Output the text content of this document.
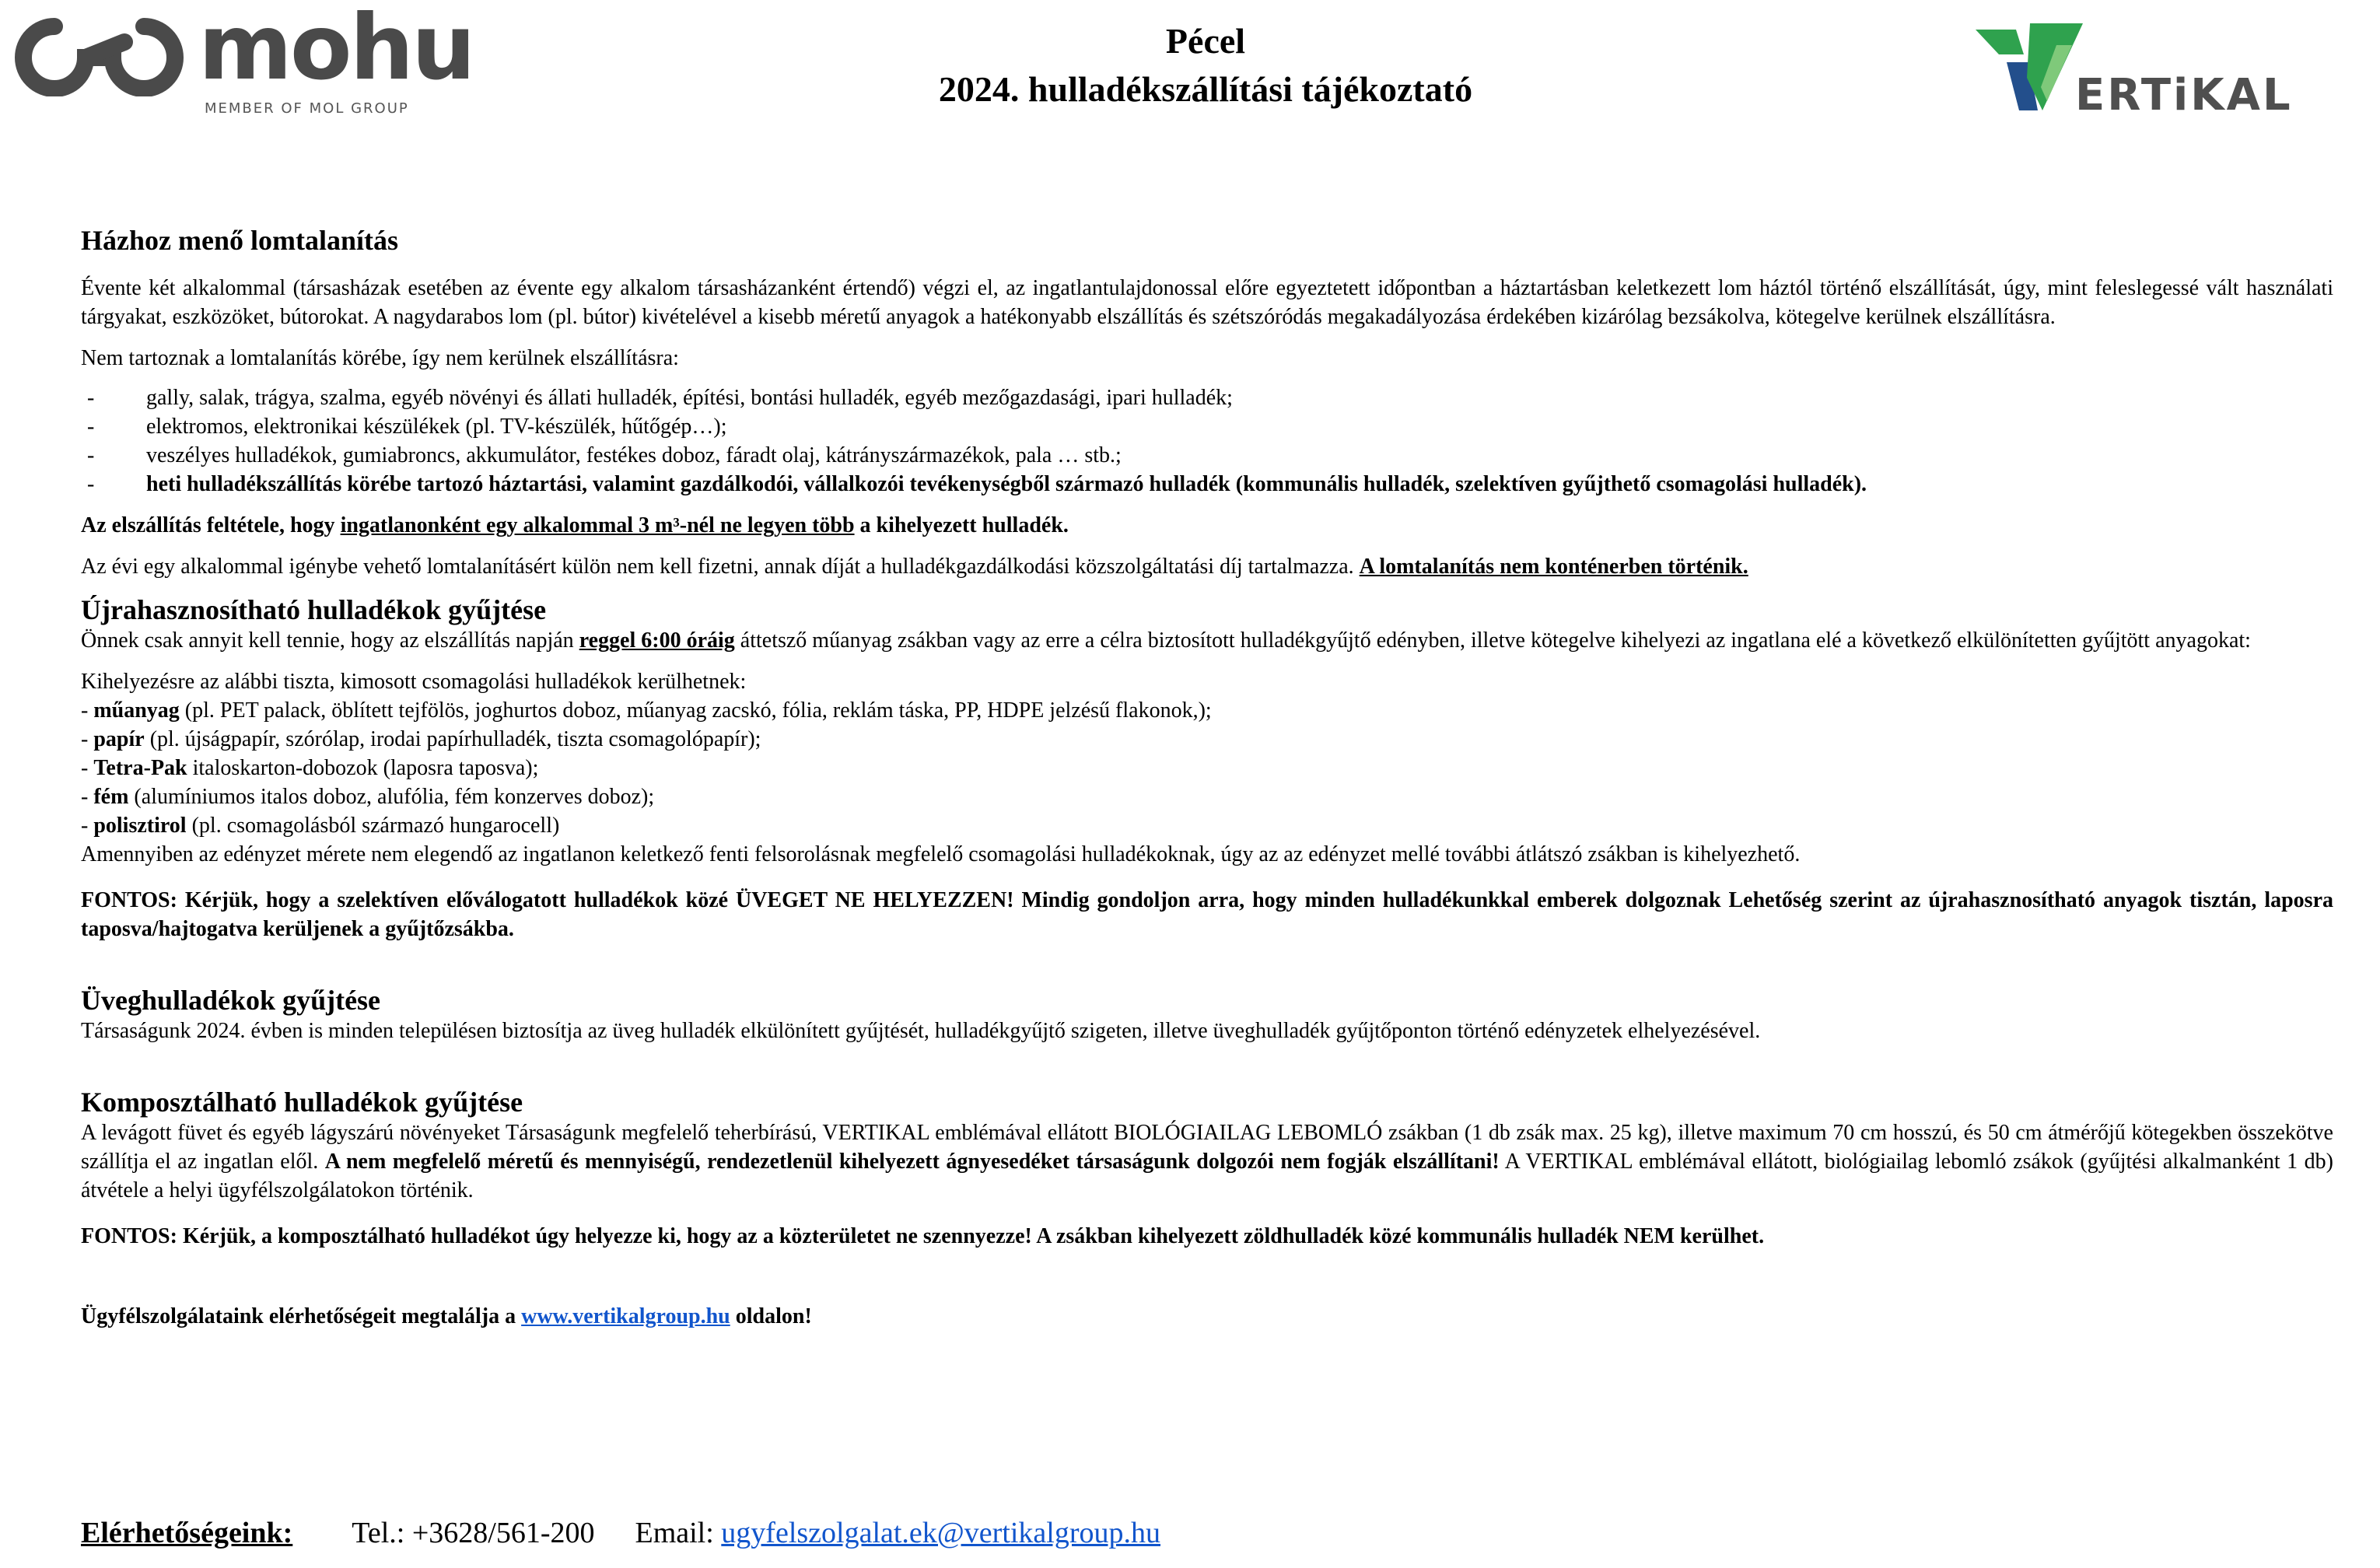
mohu
MEMBER OF MOL GROUP
Pécel
2024. hulladékszállítási tájékoztató	ERTiKAL
Házhoz menő lomtalanítás

Évente két alkalommal (társasházak esetében az évente egy alkalom társasházanként értendő) végzi el, az ingatlantulajdonossal előre egyeztetett időpontban a háztartásban keletkezett lom háztól történő elszállítását, úgy, mint feleslegessé vált használati tárgyakat, eszközöket, bútorokat. A nagydarabos lom (pl. bútor) kivételével a kisebb méretű anyagok a hatékonyabb elszállítás és szétszóródás megakadályozása érdekében kizárólag bezsákolva, kötegelve kerülnek elszállításra.

Nem tartoznak a lomtalanítás körébe, így nem kerülnek elszállításra:

- gally, salak, trágya, szalma, egyéb növényi és állati hulladék, építési, bontási hulladék, egyéb mezőgazdasági, ipari hulladék;
- elektromos, elektronikai készülékek (pl. TV-készülék, hűtőgép…);
- veszélyes hulladékok, gumiabroncs, akkumulátor, festékes doboz, fáradt olaj, kátrányszármazékok, pala … stb.;
- heti hulladékszállítás körébe tartozó háztartási, valamint gazdálkodói, vállalkozói tevékenységből származó hulladék (kommunális hulladék, szelektíven gyűjthető csomagolási hulladék).

Az elszállítás feltétele, hogy ingatlanonként egy alkalommal 3 m³-nél ne legyen több a kihelyezett hulladék.

Az évi egy alkalommal igénybe vehető lomtalanításért külön nem kell fizetni, annak díját a hulladékgazdálkodási közszolgáltatási díj tartalmazza. A lomtalanítás nem konténerben történik.

Újrahasznosítható hulladékok gyűjtése

Önnek csak annyit kell tennie, hogy az elszállítás napján reggel 6:00 óráig áttetsző műanyag zsákban vagy az erre a célra biztosított hulladékgyűjtő edényben, illetve kötegelve kihelyezi az ingatlana elé a következő elkülönítetten gyűjtött anyagokat:

Kihelyezésre az alábbi tiszta, kimosott csomagolási hulladékok kerülhetnek:
- műanyag (pl. PET palack, öblített tejfölös, joghurtos doboz, műanyag zacskó, fólia, reklám táska, PP, HDPE jelzésű flakonok,);
- papír (pl. újságpapír, szórólap, irodai papírhulladék, tiszta csomagolópapír);
- Tetra-Pak italoskarton-dobozok (laposra taposva);
- fém (alumíniumos italos doboz, alufólia, fém konzerves doboz);
- polisztirol (pl. csomagolásból származó hungarocell)
Amennyiben az edényzet mérete nem elegendő az ingatlanon keletkező fenti felsorolásnak megfelelő csomagolási hulladékoknak, úgy az az edényzet mellé további átlátszó zsákban is kihelyezhető.

FONTOS: Kérjük, hogy a szelektíven előválogatott hulladékok közé ÜVEGET NE HELYEZZEN! Mindig gondoljon arra, hogy minden hulladékunkkal emberek dolgoznak Lehetőség szerint az újrahasznosítható anyagok tisztán, laposra taposva/hajtogatva kerüljenek a gyűjtőzsákba.

Üveghulladékok gyűjtése

Társaságunk 2024. évben is minden településen biztosítja az üveg hulladék elkülönített gyűjtését, hulladékgyűjtő szigeten, illetve üveghulladék gyűjtőponton történő edényzetek elhelyezésével.

Komposztálható hulladékok gyűjtése

A levágott füvet és egyéb lágyszárú növényeket Társaságunk megfelelő teherbírású, VERTIKAL emblémával ellátott BIOLÓGIAILAG LEBOMLÓ zsákban (1 db zsák max. 25 kg), illetve maximum 70 cm hosszú, és 50 cm átmérőjű kötegekben összekötve szállítja el az ingatlan elől. A nem megfelelő méretű és mennyiségű, rendezetlenül kihelyezett ágnyesedéket társaságunk dolgozói nem fogják elszállítani! A VERTIKAL emblémával ellátott, biológiailag lebomló zsákok (gyűjtési alkalmanként 1 db) átvétele a helyi ügyfélszolgálatokon történik.

FONTOS: Kérjük, a komposztálható hulladékot úgy helyezze ki, hogy az a közterületet ne szennyezze! A zsákban kihelyezett zöldhulladék közé kommunális hulladék NEM kerülhet.

Ügyfélszolgálataink elérhetőségeit megtalálja a www.vertikalgroup.hu oldalon!

Elérhetőségeink: Tel.: +3628/561-200 Email: ugyfelszolgalat.ek@vertikalgroup.hu
